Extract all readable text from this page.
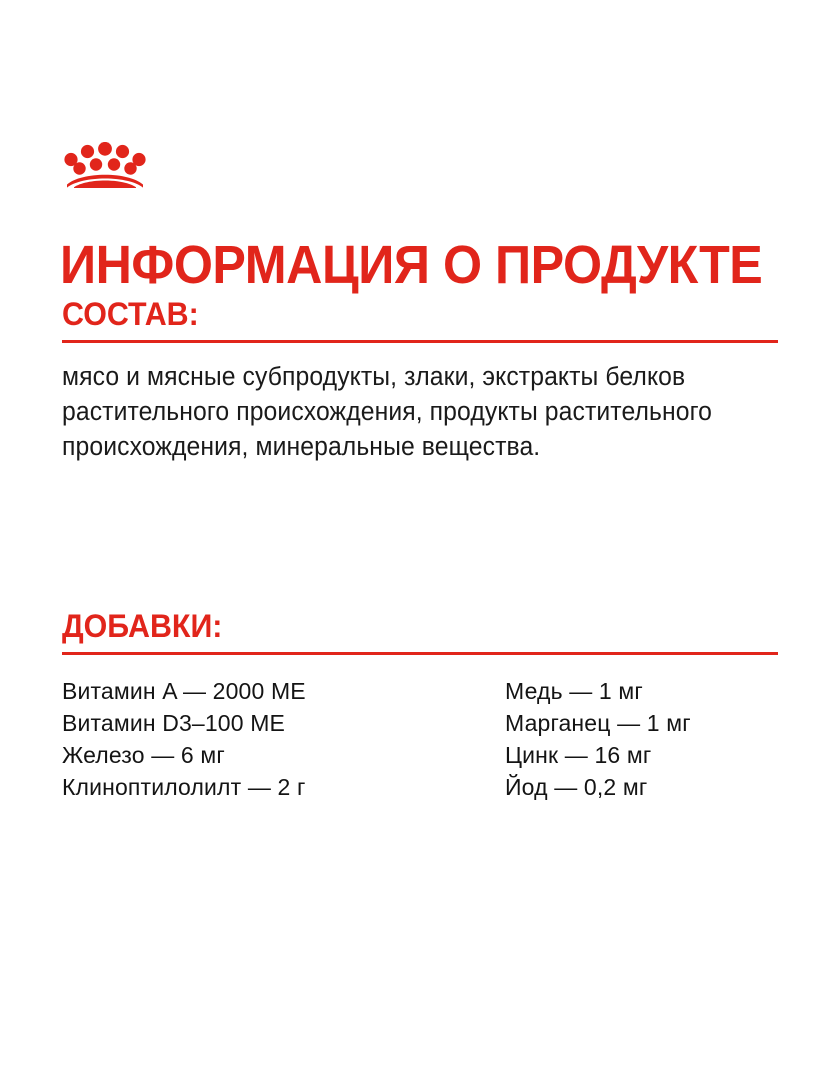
ИНФОРМАЦИЯ О ПРОДУКТЕ
СОСТАВ:

мясо и мясные субпродукты, злаки, экстракты белков растительного происхождения, продукты растительного происхождения, минеральные вещества.

ДОБАВКИ:
Витамин A — 2000 МЕ
Витамин D3–100 МЕ
Железо — 6 мг
Клиноптилолилт — 2 г
Медь — 1 мг
Марганец — 1 мг
Цинк — 16 мг
Йод — 0,2 мг
